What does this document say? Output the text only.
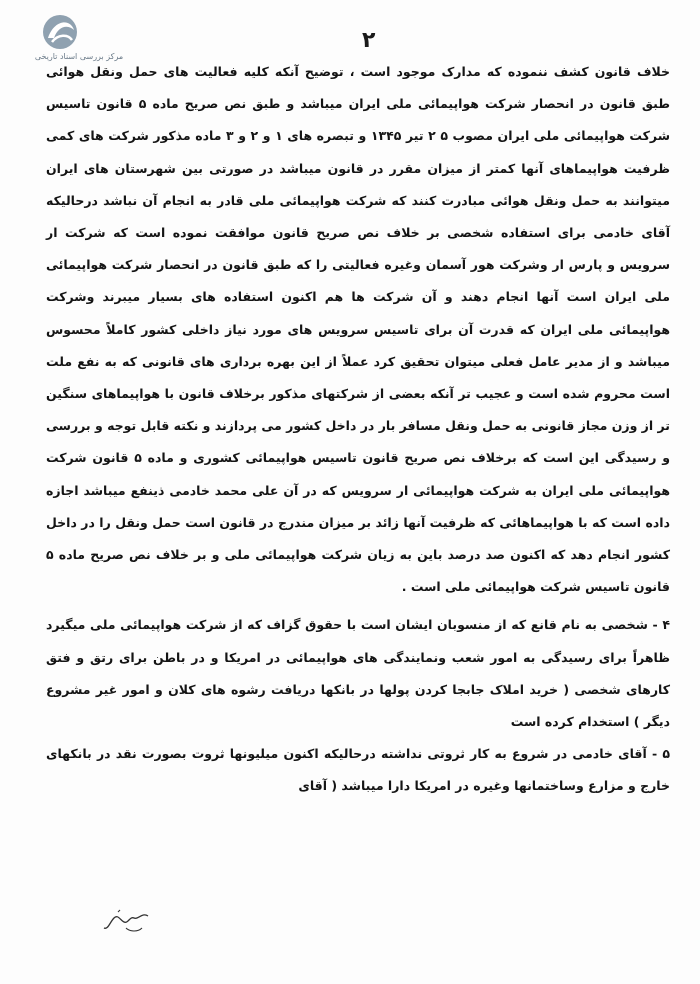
مرکز بررسی اسناد تاریخی
۲

خلاف قانون کشف ننموده که مدارک موجود است ، توضیح آنکه کلیه فعالیت های حمل ونقل هوائی طبق قانون در انحصار شرکت هواپیمائی ملی ایران میباشد و طبق نص صریح ماده ۵ قانون تاسیس شرکت هواپیمائی ملی ایران مصوب ۵ ۲ تیر ۱۳۴۵ و تبصره های ۱ و ۲ و ۳ ماده مذکور شرکت های کمی ظرفیت هواپیماهای آنها کمتر از میزان مقرر در قانون میباشد در صورتی بین شهرستان های ایران میتوانند به حمل ونقل هوائی مبادرت کنند که شرکت هواپیمائی ملی قادر به انجام آن نباشد درحالیکه آقای خادمی برای استفاده شخصی بر خلاف نص صریح قانون موافقت نموده است که شرکت ار سرویس و پارس ار وشرکت هور آسمان وغیره فعالیتی را که طبق قانون در انحصار شرکت هواپیمائی ملی ایران است آنها انجام دهند و آن شرکت ها هم اکنون استفاده های بسیار میبرند وشرکت هواپیمائی ملی ایران که قدرت آن برای تاسیس سرویس های مورد نیاز داخلی کشور کاملاً محسوس میباشد و از مدیر عامل فعلی میتوان تحقیق کرد عملاً از این بهره برداری های قانونی که به نفع ملت است محروم شده است و عجیب تر آنکه بعضی از شرکتهای مذکور برخلاف قانون با هواپیماهای سنگین تر از وزن مجاز قانونی به حمل ونقل مسافر بار در داخل کشور می پردازند و نکته قابل توجه و بررسی و رسیدگی این است که برخلاف نص صریح قانون تاسیس هواپیمائی کشوری و ماده ۵ قانون شرکت هواپیمائی ملی ایران به شرکت هواپیمائی ار سرویس که در آن علی محمد خادمی ذینفع میباشد اجازه داده است که با هواپیماهائی که ظرفیت آنها زائد بر میزان مندرج در قانون است حمل ونقل را در داخل کشور انجام دهد که اکنون صد درصد باین به زیان شرکت هواپیمائی ملی و بر خلاف نص صریح ماده ۵ قانون تاسیس شرکت هواپیمائی ملی است .

۴ - شخصی به نام قانع که از منسوبان ایشان است با حقوق گزاف که از شرکت هواپیمائی ملی میگیرد ظاهراً برای رسیدگی به امور شعب ونمایندگی های هواپیمائی در امریکا و در باطن برای رتق و فتق کارهای شخصی ( خرید املاک جابجا کردن پولها در بانکها دریافت رشوه های کلان و امور غیر مشروع دیگر ) استخدام کرده است

۵ - آقای خادمی در شروع به کار ثروتی نداشته درحالیکه اکنون میلیونها ثروت بصورت نقد در بانکهای خارج و مزارع وساختمانها وغیره در امریکا دارا میباشد ( آقای
